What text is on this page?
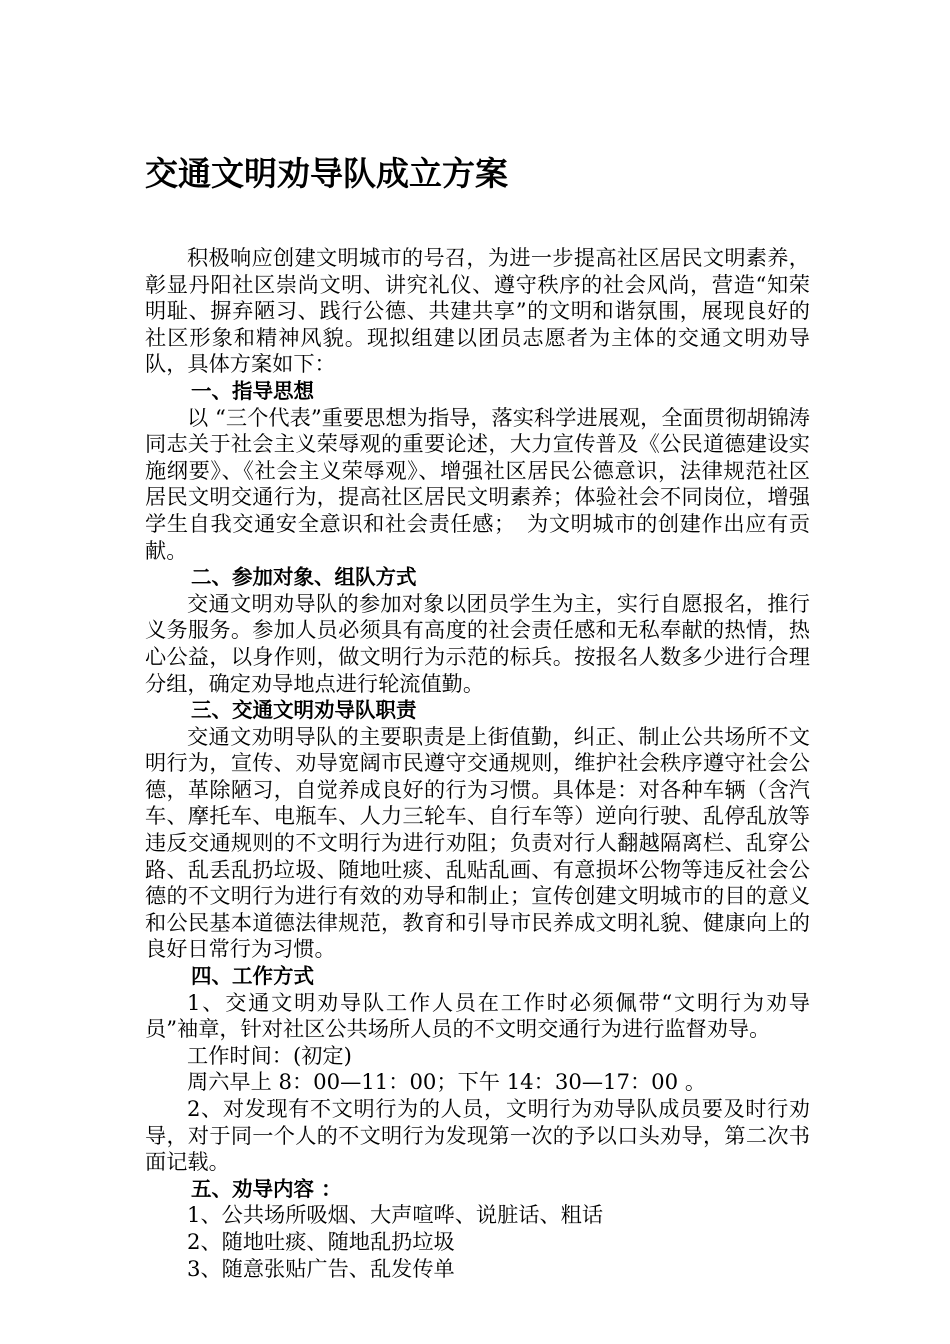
交通文明劝导队成立方案

积极响应创建文明城市的号召，为进一步提高社区居民文明素养，彰显丹阳社区崇尚文明、讲究礼仪、遵守秩序的社会风尚，营造“知荣明耻、摒弃陋习、践行公德、共建共享”的文明和谐氛围，展现良好的社区形象和精神风貌。现拟组建以团员志愿者为主体的交通文明劝导队，具体方案如下：

一、指导思想

以 “三个代表”重要思想为指导，落实科学进展观，全面贯彻胡锦涛同志关于社会主义荣辱观的重要论述，大力宣传普及《公民道德建设实施纲要》、《社会主义荣辱观》、增强社区居民公德意识，法律规范社区居民文明交通行为，提高社区居民文明素养；体验社会不同岗位，增强学生自我交通安全意识和社会责任感；　为文明城市的创建作出应有贡献。

二、参加对象、组队方式

交通文明劝导队的参加对象以团员学生为主，实行自愿报名，推行义务服务。参加人员必须具有高度的社会责任感和无私奉献的热情，热心公益，以身作则，做文明行为示范的标兵。按报名人数多少进行合理分组，确定劝导地点进行轮流值勤。

三、交通文明劝导队职责

交通文劝明导队的主要职责是上街值勤，纠正、制止公共场所不文明行为，宣传、劝导宽阔市民遵守交通规则，维护社会秩序遵守社会公德，革除陋习，自觉养成良好的行为习惯。具体是：对各种车辆（含汽车、摩托车、电瓶车、人力三轮车、自行车等）逆向行驶、乱停乱放等违反交通规则的不文明行为进行劝阻；负责对行人翻越隔离栏、乱穿公路、乱丢乱扔垃圾、随地吐痰、乱贴乱画、有意损坏公物等违反社会公德的不文明行为进行有效的劝导和制止；宣传创建文明城市的目的意义和公民基本道德法律规范，教育和引导市民养成文明礼貌、健康向上的良好日常行为习惯。

四、工作方式

1、交通文明劝导队工作人员在工作时必须佩带“文明行为劝导员”袖章，针对社区公共场所人员的不文明交通行为进行监督劝导。

工作时间：(初定)

周六早上 8：00—11：00；下午 14：30—17：00 。

2、对发现有不文明行为的人员，文明行为劝导队成员要及时行劝导，对于同一个人的不文明行为发现第一次的予以口头劝导，第二次书面记载。

五、劝导内容 ：

1、公共场所吸烟、大声喧哗、说脏话、粗话

2、随地吐痰、随地乱扔垃圾

3、随意张贴广告、乱发传单
